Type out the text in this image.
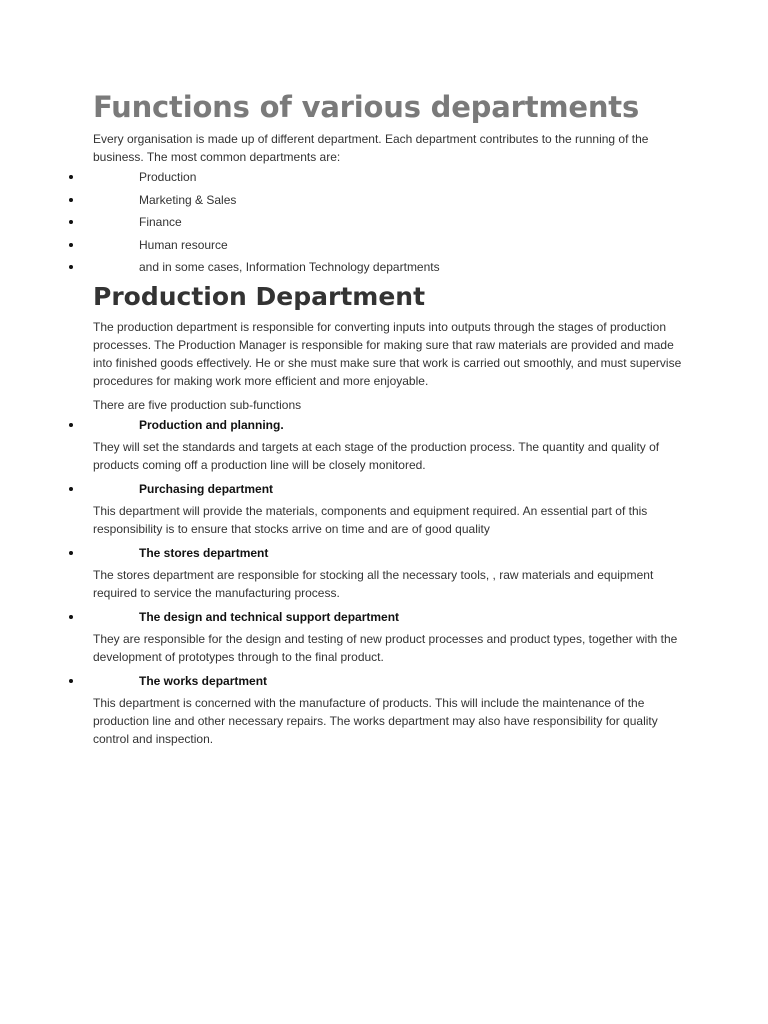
Functions of various departments

Every organisation is made up of different department. Each department contributes to the running of the business. The most common departments are:

Production
Marketing & Sales
Finance
Human resource
and in some cases, Information Technology departments
Production Department

The production department is responsible for converting inputs into outputs through the stages of production processes. The Production Manager is responsible for making sure that raw materials are provided and made into finished goods effectively. He or she must make sure that work is carried out smoothly, and must supervise procedures for making work more efficient and more enjoyable.

There are five production sub-functions

Production and planning.

They will set the standards and targets at each stage of the production process. The quantity and quality of products coming off a production line will be closely monitored.

Purchasing department

This department will provide the materials, components and equipment required. An essential part of this responsibility is to ensure that stocks arrive on time and are of good quality

The stores department

The stores department are responsible for stocking all the necessary tools, , raw materials and equipment required to service the manufacturing process.

The design and technical support department

They are responsible for the design and testing of new product processes and product types, together with the development of prototypes through to the final product.

The works department

This department is concerned with the manufacture of products. This will include the maintenance of the production line and other necessary repairs. The works department may also have responsibility for quality control and inspection.
